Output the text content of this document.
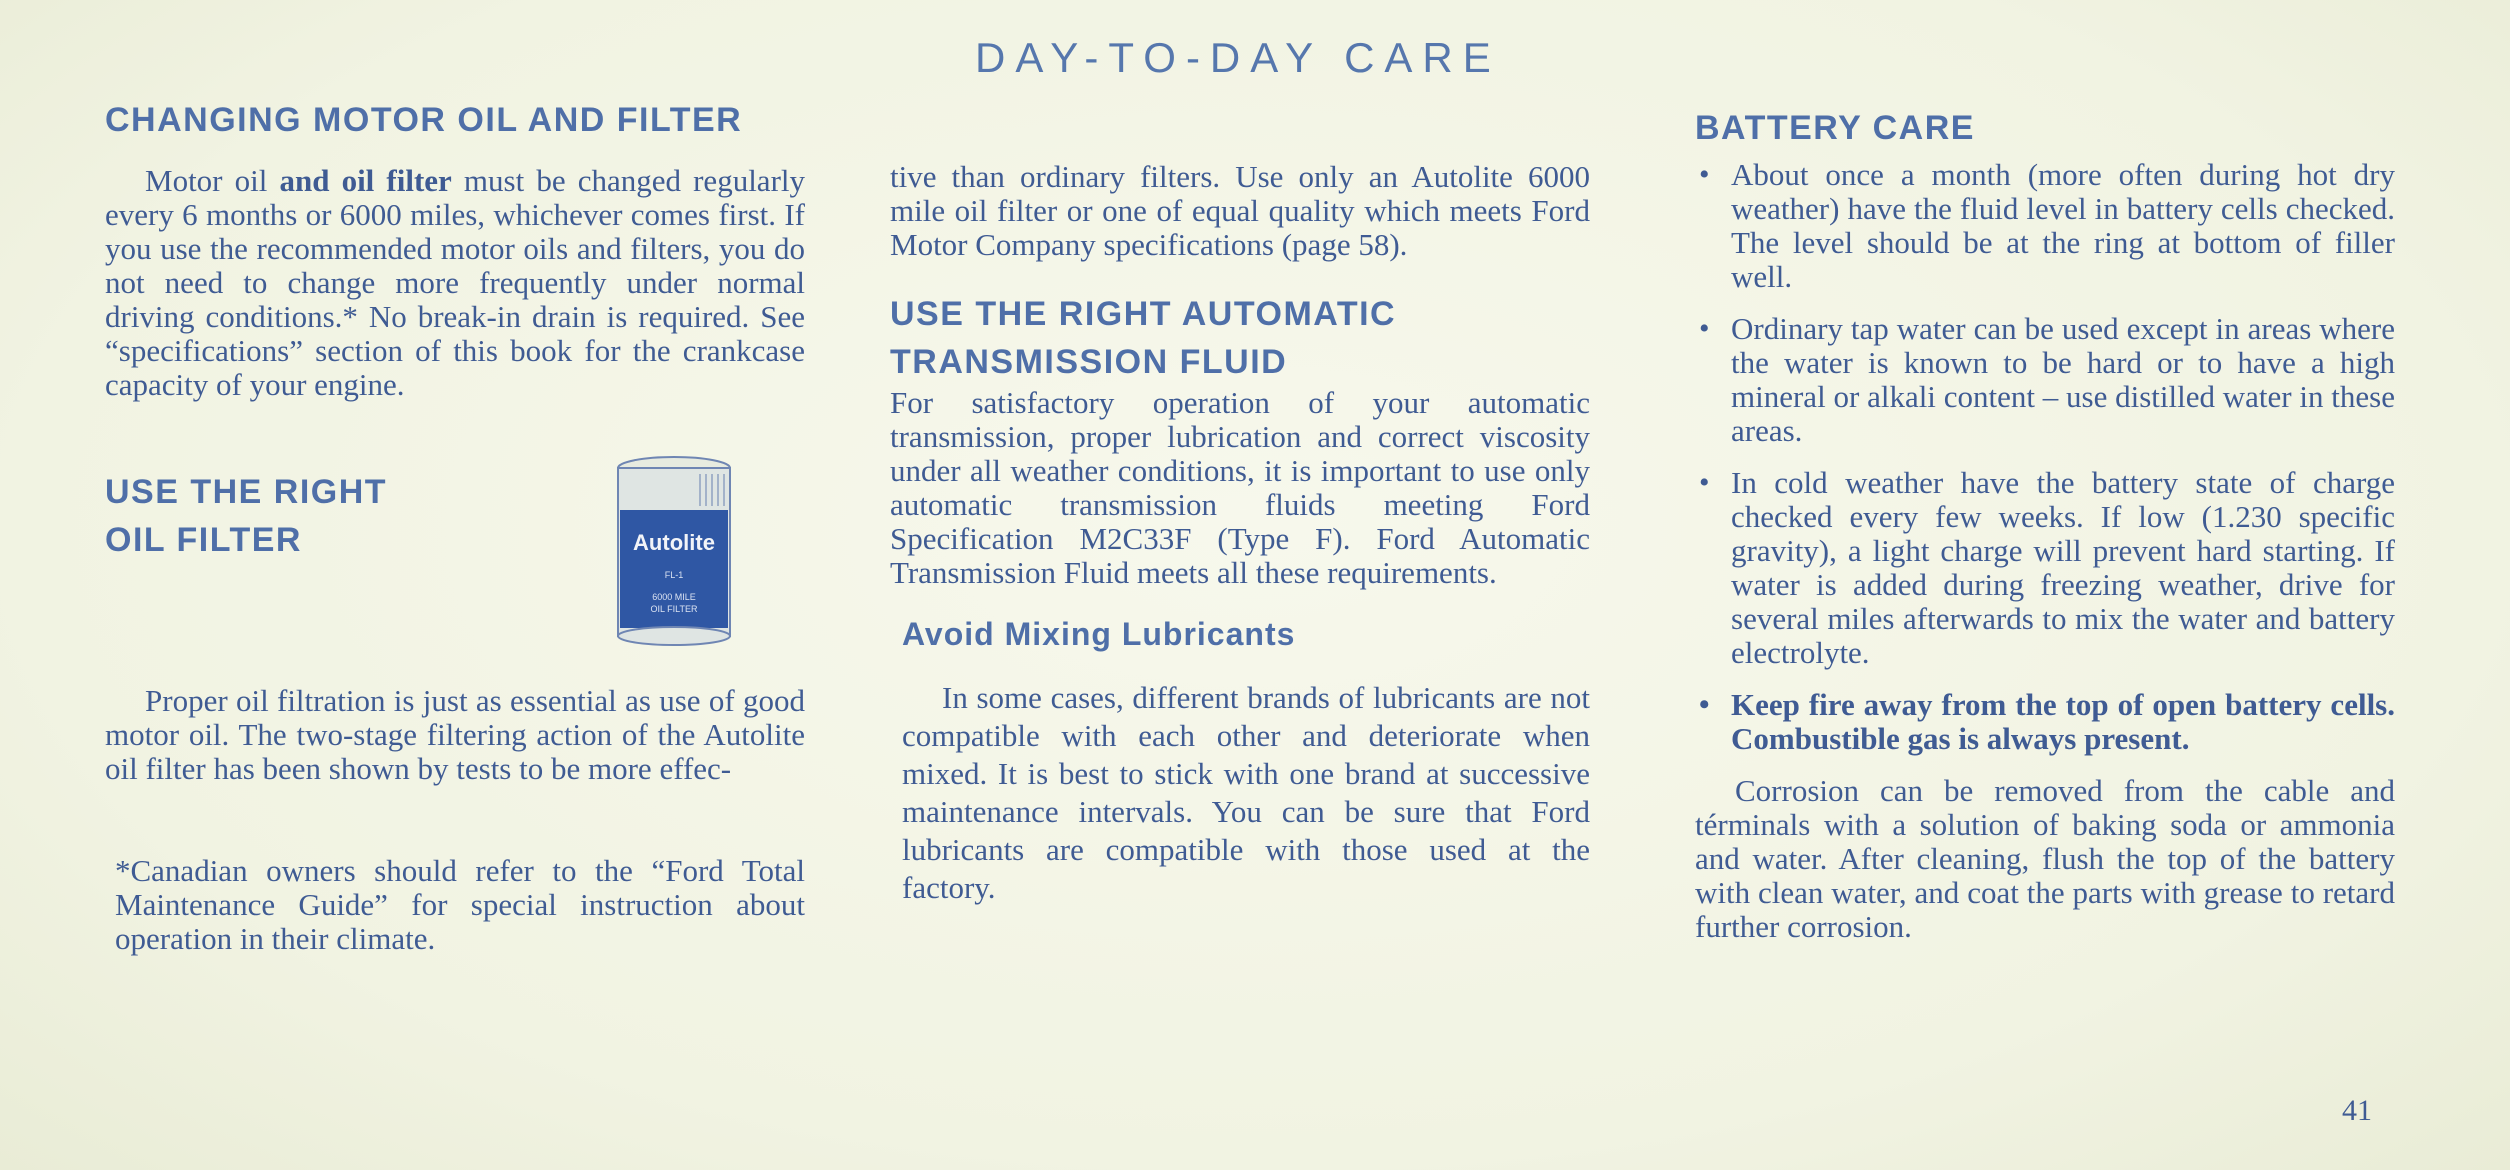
DAY-TO-DAY CARE
CHANGING MOTOR OIL AND FILTER

Motor oil and oil filter must be changed regularly every 6 months or 6000 miles, whichever comes first. If you use the recommended motor oils and filters, you do not need to change more frequently under normal driving conditions.* No break-in drain is required. See “specifications” section of this book for the crankcase capacity of your engine.

USE THE RIGHT
OIL FILTER	Autolite
FL-1
6000 MILE
OIL FILTER

Proper oil filtration is just as essential as use of good motor oil. The two-stage filtering action of the Autolite oil filter has been shown by tests to be more effec-

*Canadian owners should refer to the “Ford Total Maintenance Guide” for special instruction about operation in their climate.

tive than ordinary filters. Use only an Autolite 6000 mile oil filter or one of equal quality which meets Ford Motor Company specifications (page 58).

USE THE RIGHT AUTOMATIC
TRANSMISSION FLUID

For satisfactory operation of your automatic transmission, proper lubrication and correct viscosity under all weather conditions, it is important to use only automatic transmission fluids meeting Ford Specification M2C33F (Type F). Ford Automatic Transmission Fluid meets all these requirements.

Avoid Mixing Lubricants

In some cases, different brands of lubricants are not compatible with each other and deteriorate when mixed. It is best to stick with one brand at successive maintenance intervals. You can be sure that Ford lubricants are compatible with those used at the factory.

BATTERY CARE
• About once a month (more often during hot dry weather) have the fluid level in battery cells checked. The level should be at the ring at bottom of filler well.
• Ordinary tap water can be used except in areas where the water is known to be hard or to have a high mineral or alkali content – use distilled water in these areas.
• In cold weather have the battery state of charge checked every few weeks. If low (1.230 specific gravity), a light charge will prevent hard starting. If water is added during freezing weather, drive for several miles afterwards to mix the water and battery electrolyte.
• Keep fire away from the top of open battery cells. Combustible gas is always present.

Corrosion can be removed from the cable and términals with a solution of baking soda or ammonia and water. After cleaning, flush the top of the battery with clean water, and coat the parts with grease to retard further corrosion.

41
